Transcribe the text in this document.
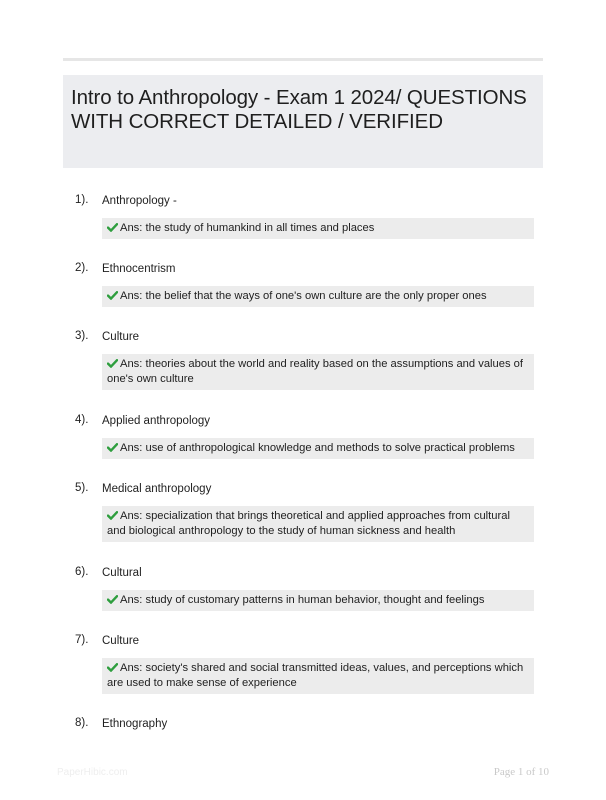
Intro to Anthropology - Exam 1 2024/ QUESTIONS WITH CORRECT DETAILED / VERIFIED
1). Anthropology -
Ans: the study of humankind in all times and places
2). Ethnocentrism
Ans: the belief that the ways of one's own culture are the only proper ones
3). Culture
Ans: theories about the world and reality based on the assumptions and values of one's own culture
4). Applied anthropology
Ans: use of anthropological knowledge and methods to solve practical problems
5). Medical anthropology
Ans: specialization that brings theoretical and applied approaches from cultural and biological anthropology to the study of human sickness and health
6). Cultural
Ans: study of customary patterns in human behavior, thought and feelings
7). Culture
Ans: society's shared and social transmitted ideas, values, and perceptions which are used to make sense of experience
8). Ethnography
PaperHibic.com	Page 1 of 10
